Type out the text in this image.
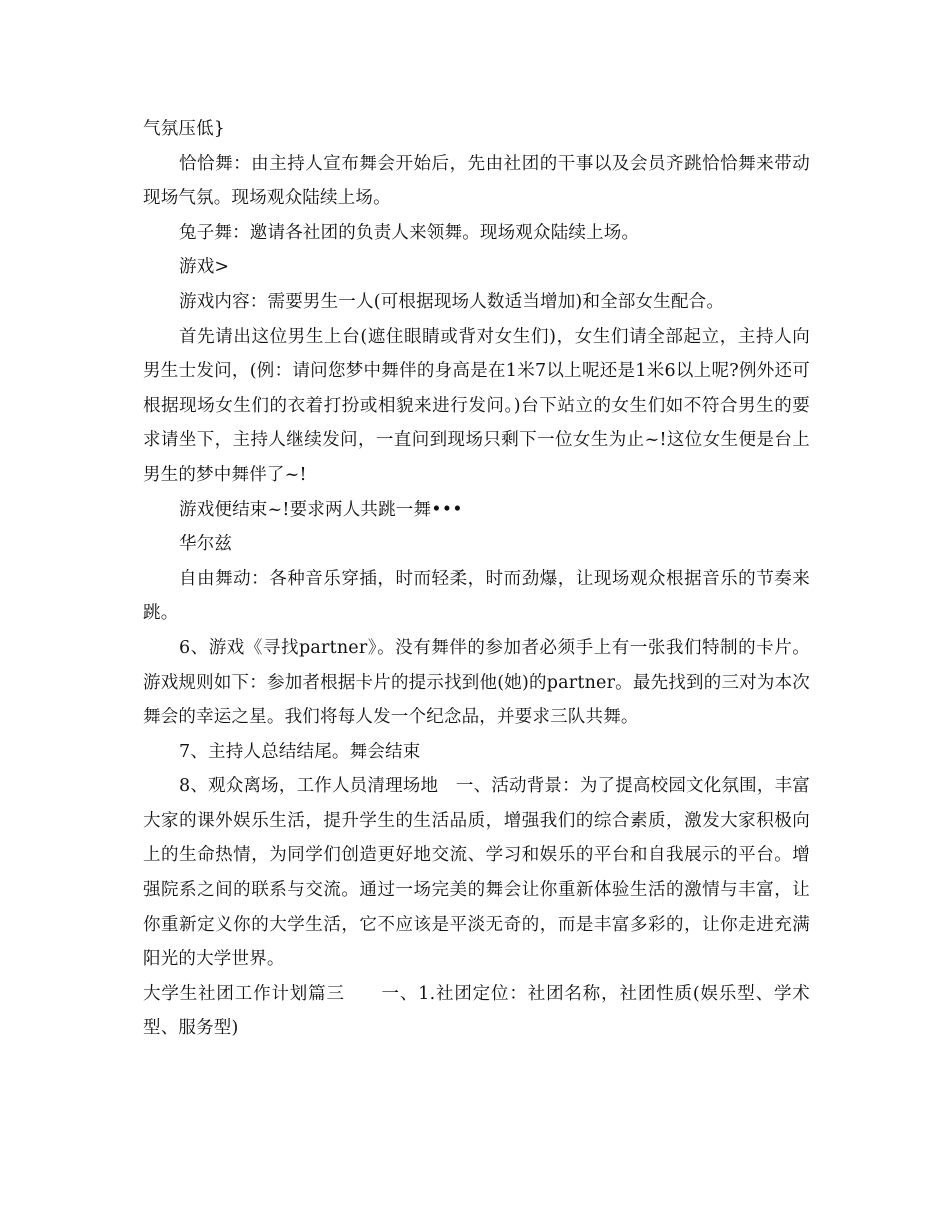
气氛压低}

恰恰舞：由主持人宣布舞会开始后，先由社团的干事以及会员齐跳恰恰舞来带动现场气氛。现场观众陆续上场。

兔子舞：邀请各社团的负责人来领舞。现场观众陆续上场。

游戏>

游戏内容：需要男生一人(可根据现场人数适当增加)和全部女生配合。

首先请出这位男生上台(遮住眼睛或背对女生们)，女生们请全部起立，主持人向男生士发问，(例：请问您梦中舞伴的身高是在1米7以上呢还是1米6以上呢?例外还可根据现场女生们的衣着打扮或相貌来进行发问。)台下站立的女生们如不符合男生的要求请坐下，主持人继续发问，一直问到现场只剩下一位女生为止~!这位女生便是台上男生的梦中舞伴了~!

游戏便结束~!要求两人共跳一舞•••

华尔兹

自由舞动：各种音乐穿插，时而轻柔，时而劲爆，让现场观众根据音乐的节奏来跳。

6、游戏《寻找partner》。没有舞伴的参加者必须手上有一张我们特制的卡片。游戏规则如下：参加者根据卡片的提示找到他(她)的partner。最先找到的三对为本次舞会的幸运之星。我们将每人发一个纪念品，并要求三队共舞。

7、主持人总结结尾。舞会结束

8、观众离场，工作人员清理场地　一、活动背景：为了提高校园文化氛围，丰富大家的课外娱乐生活，提升学生的生活品质，增强我们的综合素质，激发大家积极向上的生命热情，为同学们创造更好地交流、学习和娱乐的平台和自我展示的平台。增强院系之间的联系与交流。通过一场完美的舞会让你重新体验生活的激情与丰富，让你重新定义你的大学生活，它不应该是平淡无奇的，而是丰富多彩的，让你走进充满阳光的大学世界。

大学生社团工作计划篇三　　一、1.社团定位：社团名称，社团性质(娱乐型、学术型、服务型)
